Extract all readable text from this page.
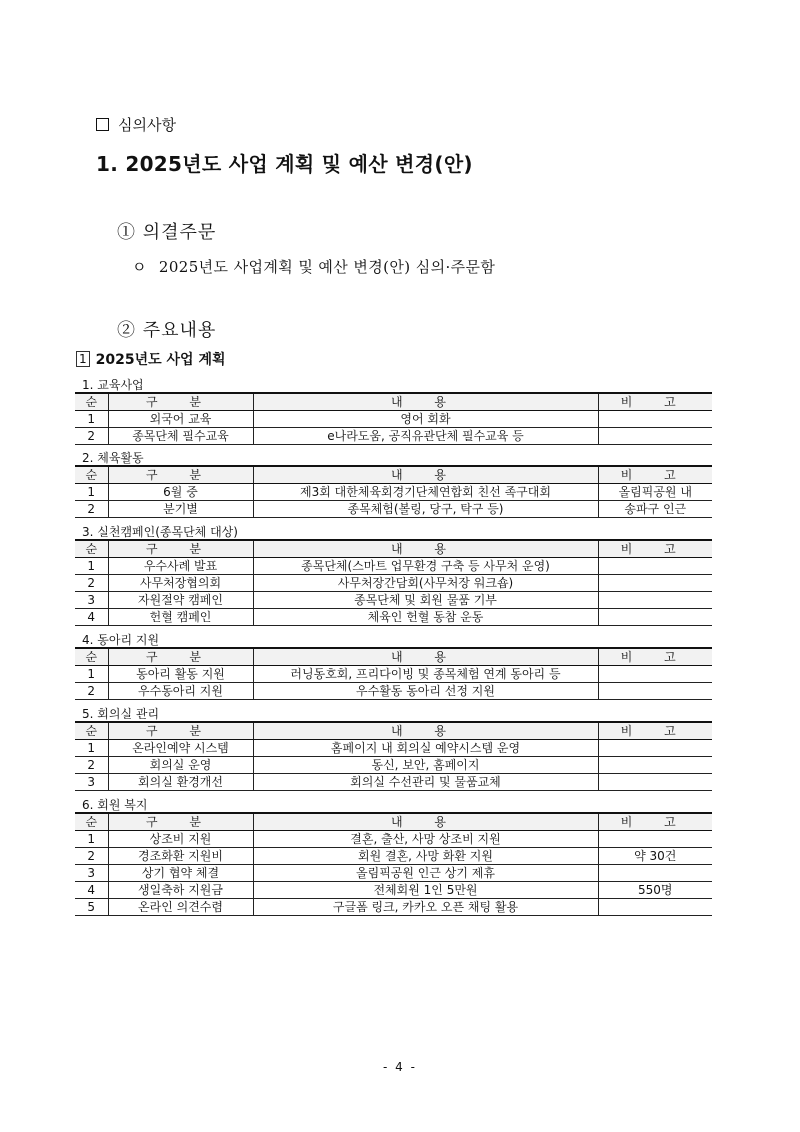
심의사항
1. 2025년도 사업 계획 및 예산 변경(안)
① 의결주문
ㅇ 2025년도 사업계획 및 예산 변경(안) 심의·주문함
② 주요내용
1 2025년도 사업 계획
1. 교육사업
순	구 분	내 용	비 고
1	외국어 교육	영어 회화	
2	종목단체 필수교육	e나라도움, 공직유관단체 필수교육 등	
2. 체육활동
순	구 분	내 용	비 고
1	6월 중	제3회 대한체육회경기단체연합회 친선 족구대회	올림픽공원 내
2	분기별	종목체험(볼링, 당구, 탁구 등)	송파구 인근
3. 실천캠페인(종목단체 대상)
순	구 분	내 용	비 고
1	우수사례 발표	종목단체(스마트 업무환경 구축 등 사무처 운영)	
2	사무처장협의회	사무처장간담회(사무처장 워크숍)	
3	자원절약 캠페인	종목단체 및 회원 물품 기부	
4	헌혈 캠페인	체육인 헌혈 동참 운동	
4. 동아리 지원
순	구 분	내 용	비 고
1	동아리 활동 지원	러닝동호회, 프리다이빙 및 종목체험 연계 동아리 등	
2	우수동아리 지원	우수활동 동아리 선정 지원	
5. 회의실 관리
순	구 분	내 용	비 고
1	온라인예약 시스템	홈페이지 내 회의실 예약시스템 운영	
2	회의실 운영	동신, 보안, 홈페이지	
3	회의실 환경개선	회의실 수선관리 및 물품교체	
6. 회원 복지
순	구 분	내 용	비 고
1	상조비 지원	결혼, 출산, 사망 상조비 지원	
2	경조화환 지원비	회원 결혼, 사망 화환 지원	약 30건
3	상기 협약 체결	올림픽공원 인근 상기 제휴	
4	생일축하 지원금	전체회원 1인 5만원	550명
5	온라인 의견수렴	구글폼 링크, 카카오 오픈 채팅 활용	
- 4 -
